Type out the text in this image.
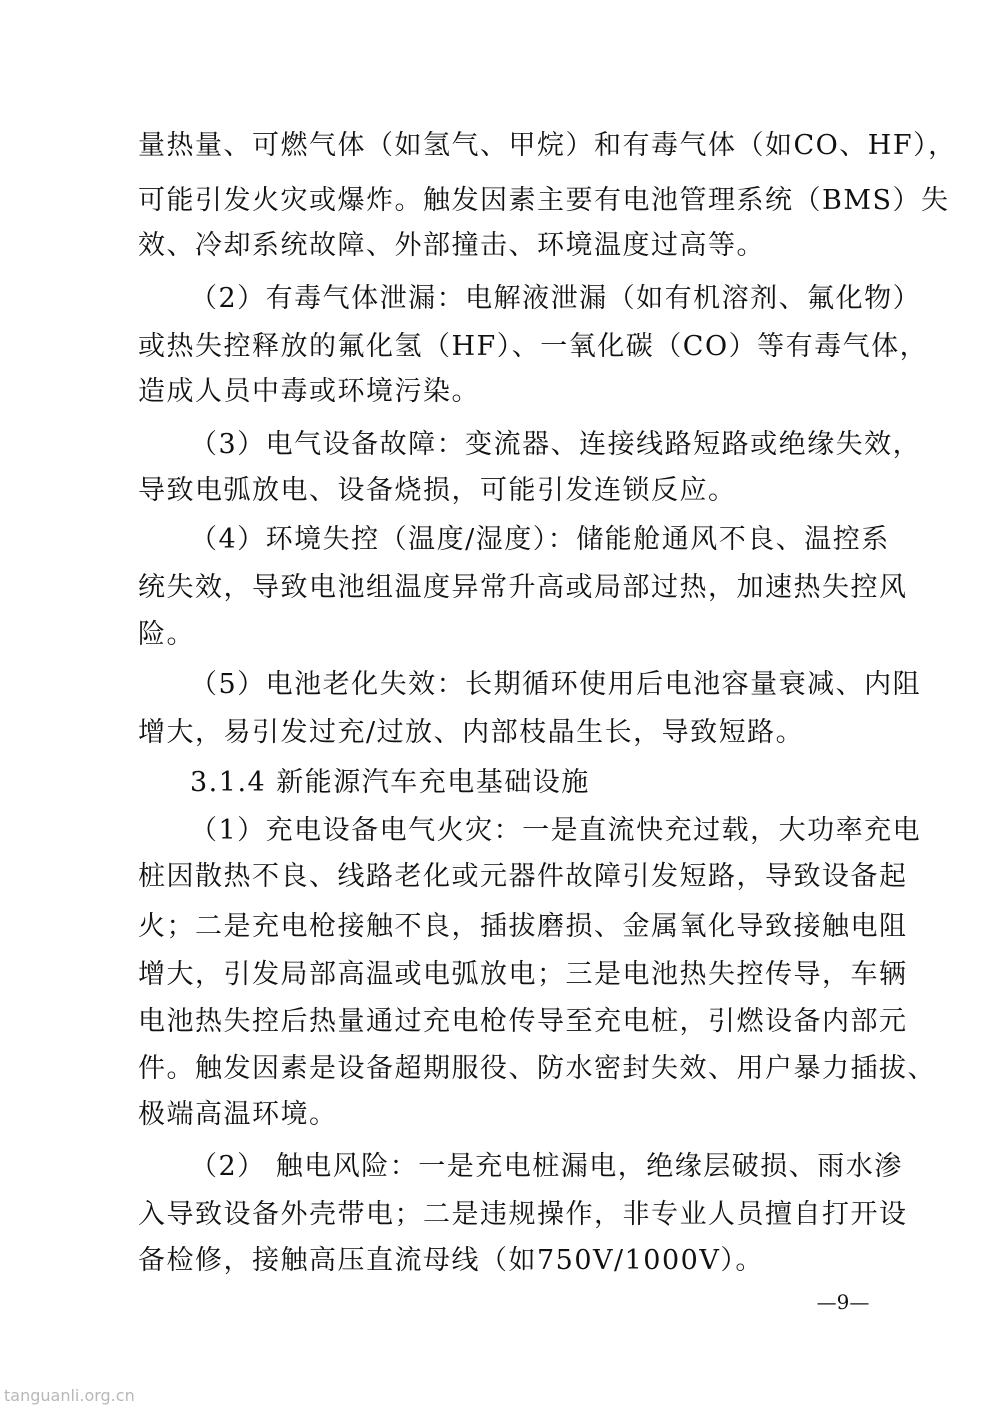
量热量、可燃气体（如氢气、甲烷）和有毒气体（如CO、HF），
可能引发火灾或爆炸。触发因素主要有电池管理系统（BMS）失
效、冷却系统故障、外部撞击、环境温度过高等。
（2）有毒气体泄漏：电解液泄漏（如有机溶剂、氟化物）
或热失控释放的氟化氢（HF）、一氧化碳（CO）等有毒气体，
造成人员中毒或环境污染。
（3）电气设备故障：变流器、连接线路短路或绝缘失效，
导致电弧放电、设备烧损，可能引发连锁反应。
（4）环境失控（温度/湿度）：储能舱通风不良、温控系
统失效，导致电池组温度异常升高或局部过热，加速热失控风
险。
（5）电池老化失效：长期循环使用后电池容量衰减、内阻
增大，易引发过充/过放、内部枝晶生长，导致短路。
3.1.4 新能源汽车充电基础设施
（1）充电设备电气火灾：一是直流快充过载，大功率充电
桩因散热不良、线路老化或元器件故障引发短路，导致设备起
火；二是充电枪接触不良，插拔磨损、金属氧化导致接触电阻
增大，引发局部高温或电弧放电；三是电池热失控传导，车辆
电池热失控后热量通过充电枪传导至充电桩，引燃设备内部元
件。触发因素是设备超期服役、防水密封失效、用户暴力插拔、
极端高温环境。
（2） 触电风险：一是充电桩漏电，绝缘层破损、雨水渗
入导致设备外壳带电；二是违规操作，非专业人员擅自打开设
备检修，接触高压直流母线（如750V/1000V）。
—9—
tanguanli.org.cn
